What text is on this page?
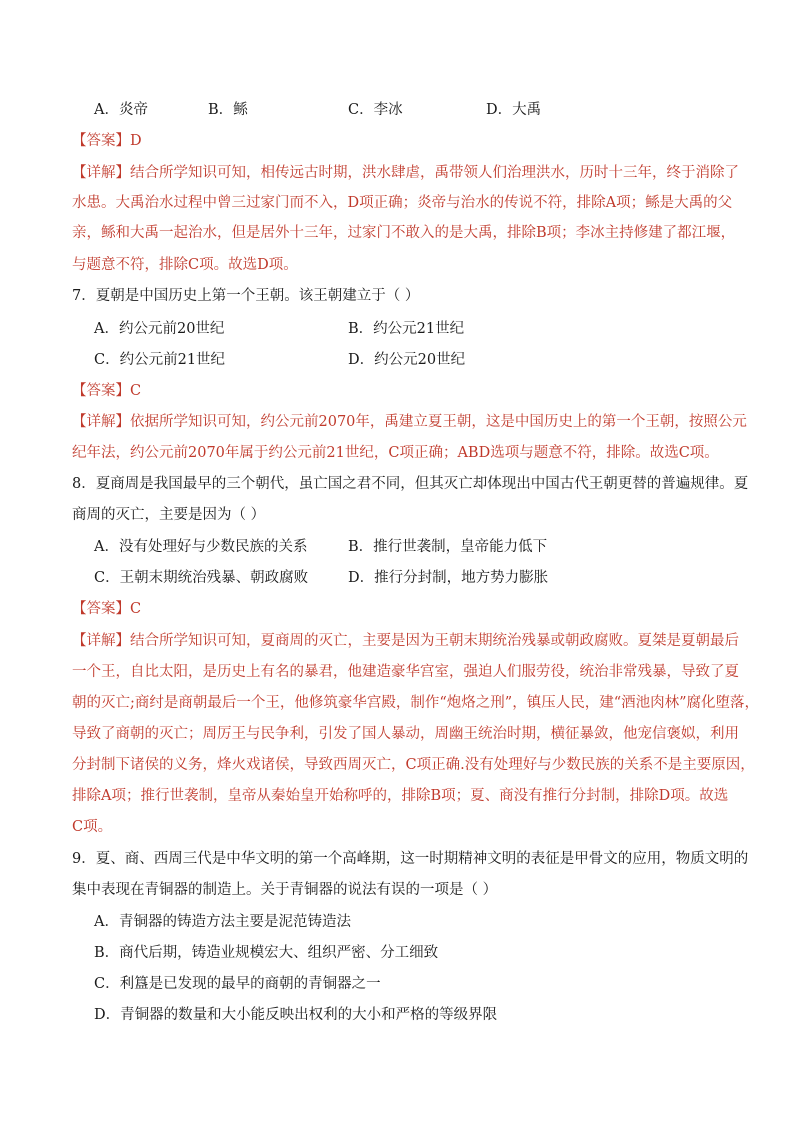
A．炎帝	B．鲧	C．李冰	D．大禹
【答案】D
【详解】结合所学知识可知，相传远古时期，洪水肆虐，禹带领人们治理洪水，历时十三年，终于消除了
水患。大禹治水过程中曾三过家门而不入，D项正确；炎帝与治水的传说不符，排除A项；鲧是大禹的父
亲，鲧和大禹一起治水，但是居外十三年，过家门不敢入的是大禹，排除B项；李冰主持修建了都江堰，
与题意不符，排除C项。故选D项。
7．夏朝是中国历史上第一个王朝。该王朝建立于（ ）
A．约公元前20世纪	B．约公元21世纪
C．约公元前21世纪	D．约公元20世纪
【答案】C
【详解】依据所学知识可知，约公元前2070年，禹建立夏王朝，这是中国历史上的第一个王朝，按照公元
纪年法，约公元前2070年属于约公元前21世纪，C项正确；ABD选项与题意不符，排除。故选C项。
8．夏商周是我国最早的三个朝代，虽亡国之君不同，但其灭亡却体现出中国古代王朝更替的普遍规律。夏
商周的灭亡，主要是因为（ ）
A．没有处理好与少数民族的关系	B．推行世袭制，皇帝能力低下
C．王朝末期统治残暴、朝政腐败	D．推行分封制，地方势力膨胀
【答案】C
【详解】结合所学知识可知，夏商周的灭亡，主要是因为王朝末期统治残暴或朝政腐败。夏桀是夏朝最后
一个王，自比太阳，是历史上有名的暴君，他建造豪华宫室，强迫人们服劳役，统治非常残暴，导致了夏
朝的灭亡;商纣是商朝最后一个王，他修筑豪华宫殿，制作“炮烙之刑”，镇压人民，建“酒池肉林”腐化堕落，
导致了商朝的灭亡；周厉王与民争利，引发了国人暴动，周幽王统治时期，横征暴敛，他宠信褒姒，利用
分封制下诸侯的义务，烽火戏诸侯，导致西周灭亡，C项正确.没有处理好与少数民族的关系不是主要原因，
排除A项；推行世袭制，皇帝从秦始皇开始称呼的，排除B项；夏、商没有推行分封制，排除D项。故选
C项。
9．夏、商、西周三代是中华文明的第一个高峰期，这一时期精神文明的表征是甲骨文的应用，物质文明的
集中表现在青铜器的制造上。关于青铜器的说法有误的一项是（ ）
A．青铜器的铸造方法主要是泥范铸造法
B．商代后期，铸造业规模宏大、组织严密、分工细致
C．利簋是已发现的最早的商朝的青铜器之一
D．青铜器的数量和大小能反映出权利的大小和严格的等级界限
